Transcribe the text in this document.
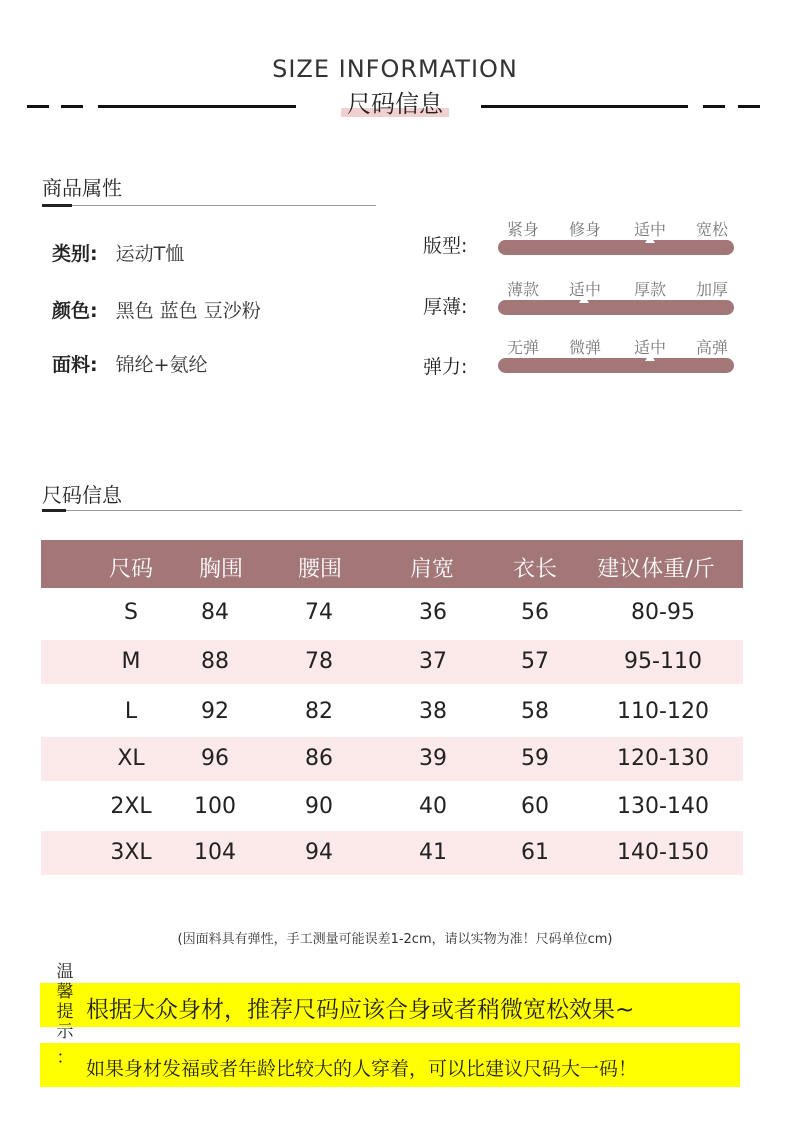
SIZE INFORMATION
尺码信息
商品属性
类别: 运动T恤
颜色: 黑色 蓝色 豆沙粉
面料: 锦纶+氨纶
版型:
紧身 修身 适中 宽松
厚薄:
薄款 适中 厚款 加厚
弹力:
无弹 微弹 适中 高弹
尺码信息
尺码 胸围 腰围	肩宽	衣长 建议体重/斤
S	84	74	36	56	80-95
M	88	78	37	57	95-110
L	92	82	38	58	110-120
XL	96	86	39	59	120-130
2XL 100	90	40	60	130-140
3XL 104	94	41	61	140-150
(因面料具有弹性，手工测量可能误差1-2cm，请以实物为准！尺码单位cm)
温
馨
提
示
：
根据大众身材，推荐尺码应该合身或者稍微宽松效果~
如果身材发福或者年龄比较大的人穿着，可以比建议尺码大一码！
